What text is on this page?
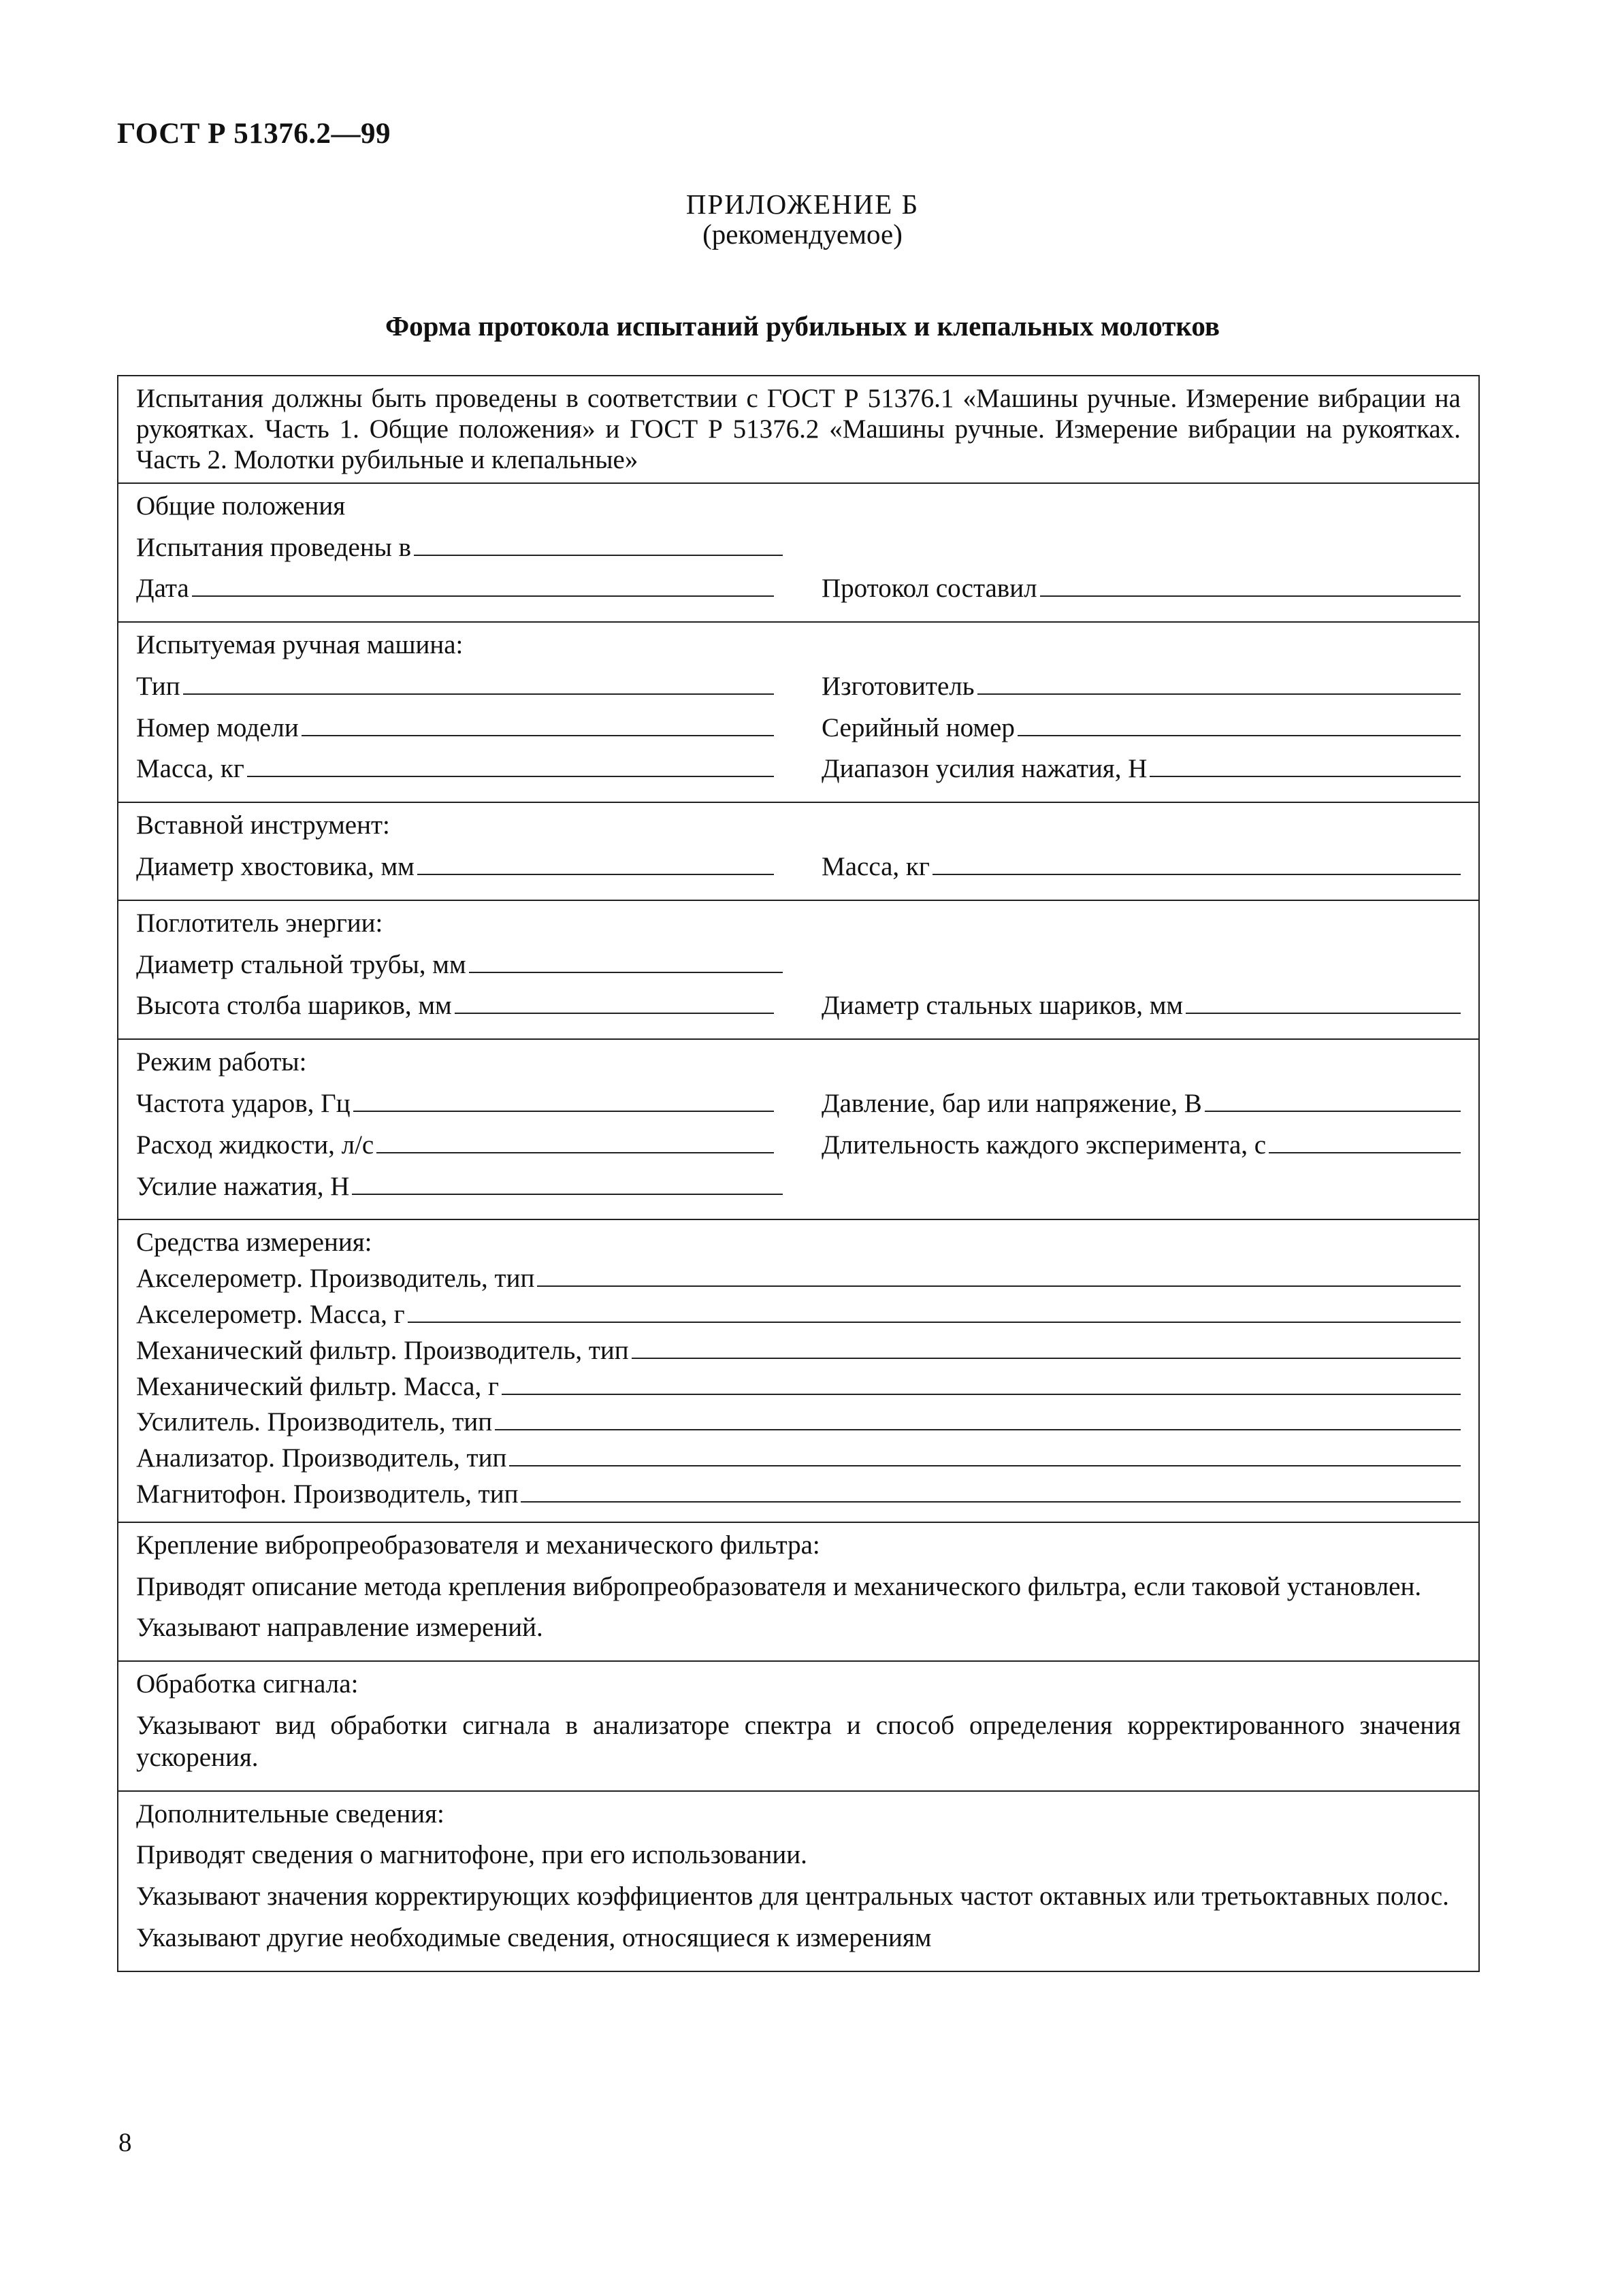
ГОСТ Р 51376.2—99
ПРИЛОЖЕНИЕ Б
(рекомендуемое)
Форма протокола испытаний рубильных и клепальных молотков
Испытания должны быть проведены в соответствии с ГОСТ Р 51376.1 «Машины ручные. Измерение вибрации на рукоятках. Часть 1. Общие положения» и ГОСТ Р 51376.2 «Машины ручные. Измерение вибрации на рукоятках. Часть 2. Молотки рубильные и клепальные»
Общие положения
Испытания проведены в
Дата	Протокол составил
Испытуемая ручная машина:
Тип	Изготовитель
Номер модели	Серийный номер
Масса, кг	Диапазон усилия нажатия, Н
Вставной инструмент:
Диаметр хвостовика, мм	Масса, кг
Поглотитель энергии:
Диаметр стальной трубы, мм
Высота столба шариков, мм	Диаметр стальных шариков, мм
Режим работы:
Частота ударов, Гц	Давление, бар или напряжение, В
Расход жидкости, л/с	Длительность каждого эксперимента, с
Усилие нажатия, Н
Средства измерения:
Акселерометр. Производитель, тип
Акселерометр. Масса, г
Механический фильтр. Производитель, тип
Механический фильтр. Масса, г
Усилитель. Производитель, тип
Анализатор. Производитель, тип
Магнитофон. Производитель, тип
Крепление вибропреобразователя и механического фильтра:
Приводят описание метода крепления вибропреобразователя и механического фильтра, если таковой установлен.
Указывают направление измерений.
Обработка сигнала:
Указывают вид обработки сигнала в анализаторе спектра и способ определения корректированного значения ускорения.
Дополнительные сведения:
Приводят сведения о магнитофоне, при его использовании.
Указывают значения корректирующих коэффициентов для центральных частот октавных или третьоктавных полос.
Указывают другие необходимые сведения, относящиеся к измерениям
8
